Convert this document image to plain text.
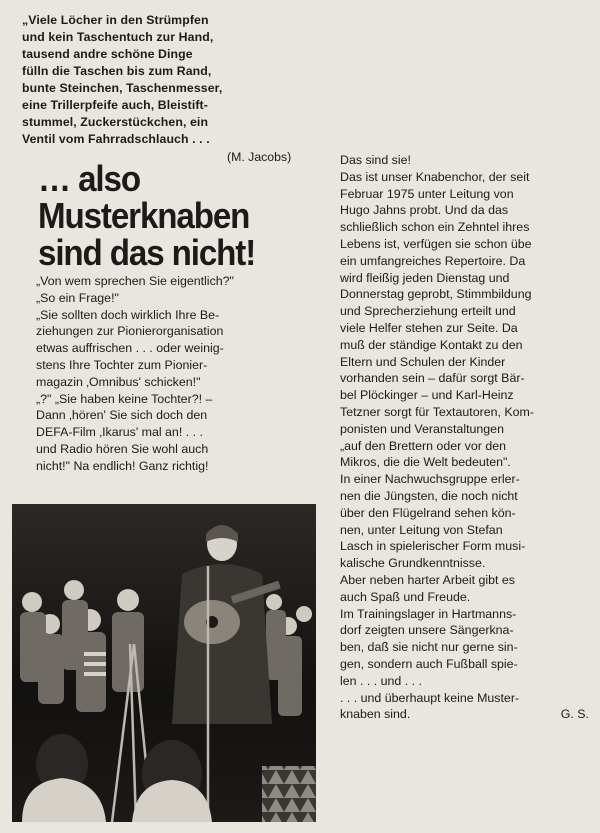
„Viele Löcher in den Strümpfen
und kein Taschentuch zur Hand,
tausend andre schöne Dinge
fülln die Taschen bis zum Rand,
bunte Steinchen, Taschenmesser,
eine Trillerpfeife auch, Bleistift-
stummel, Zuckerstückchen, ein
Ventil vom Fahrradschlauch . . .

(M. Jacobs)
… also
Musterknaben
sind das nicht!
„Von wem sprechen Sie eigentlich?"
„So ein Frage!"
„Sie sollten doch wirklich Ihre Be-
ziehungen zur Pionierorganisation
etwas auffrischen . . . oder weinig-
stens Ihre Tochter zum Pionier-
magazin ‚Omnibus' schicken!"
„?" „Sie haben keine Tochter?! –
Dann ‚hören' Sie sich doch den
DEFA-Film ‚Ikarus' mal an! . . .
und Radio hören Sie wohl auch
nicht!" Na endlich! Ganz richtig!
Das sind sie!
Das ist unser Knabenchor, der seit
Februar 1975 unter Leitung von
Hugo Jahns probt. Und da das
schließlich schon ein Zehntel ihres
Lebens ist, verfügen sie schon übe
ein umfangreiches Repertoire. Da
wird fleißig jeden Dienstag und
Donnerstag geprobt, Stimmbildung
und Sprecherziehung erteilt und
viele Helfer stehen zur Seite. Da
muß der ständige Kontakt zu den
Eltern und Schulen der Kinder
vorhanden sein – dafür sorgt Bär-
bel Plöckinger – und Karl-Heinz
Tetzner sorgt für Textautoren, Kom-
ponisten und Veranstaltungen
„auf den Brettern oder vor den
Mikros, die die Welt bedeuten".
In einer Nachwuchsgruppe erler-
nen die Jüngsten, die noch nicht
über den Flügelrand sehen kön-
nen, unter Leitung von Stefan
Lasch in spielerischer Form musi-
kalische Grundkenntnisse.
Aber neben harter Arbeit gibt es
auch Spaß und Freude.
Im Trainingslager in Hartmanns-
dorf zeigten unsere Sängerkna-
ben, daß sie nicht nur gerne sin-
gen, sondern auch Fußball spie-
len . . . und . . .
. . . und überhaupt keine Muster-
knaben sind.	G. S.
